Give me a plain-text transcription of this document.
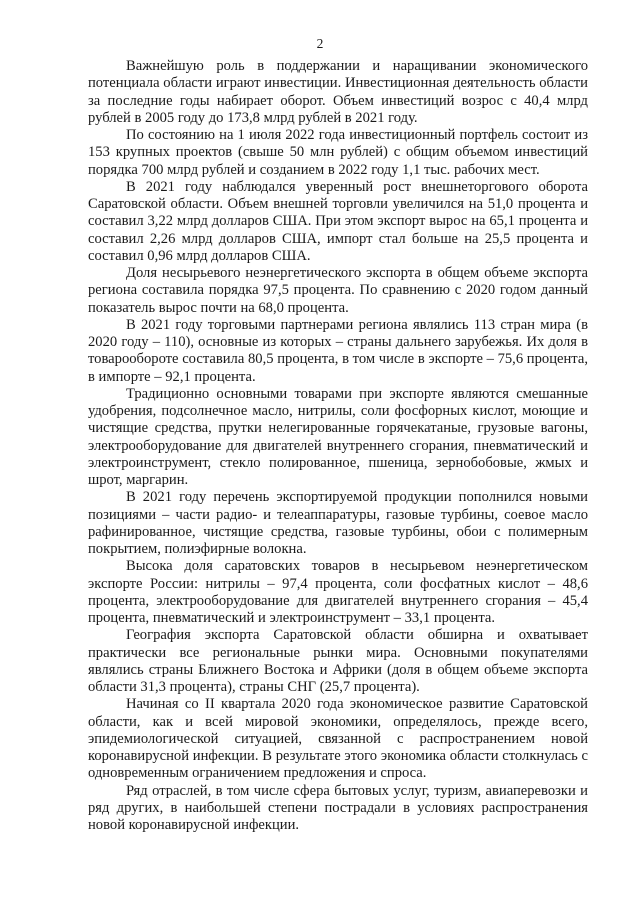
2

Важнейшую роль в поддержании и наращивании экономического потенциала области играют инвестиции. Инвестиционная деятельность области за последние годы набирает оборот. Объем инвестиций возрос с 40,4 млрд рублей в 2005 году до 173,8 млрд рублей в 2021 году.

По состоянию на 1 июля 2022 года инвестиционный портфель состоит из 153 крупных проектов (свыше 50 млн рублей) с общим объемом инвестиций порядка 700 млрд рублей и созданием в 2022 году 1,1 тыс. рабочих мест.

В 2021 году наблюдался уверенный рост внешнеторгового оборота Саратовской области. Объем внешней торговли увеличился на 51,0 процента и составил 3,22 млрд долларов США. При этом экспорт вырос на 65,1 процента и составил 2,26 млрд долларов США, импорт стал больше на 25,5 процента и составил 0,96 млрд долларов США.

Доля несырьевого неэнергетического экспорта в общем объеме экспорта региона составила порядка 97,5 процента. По сравнению с 2020 годом данный показатель вырос почти на 68,0 процента.

В 2021 году торговыми партнерами региона являлись 113 стран мира (в 2020 году – 110), основные из которых – страны дальнего зарубежья. Их доля в товарообороте составила 80,5 процента, в том числе в экспорте – 75,6 процента, в импорте – 92,1 процента.

Традиционно основными товарами при экспорте являются смешанные удобрения, подсолнечное масло, нитрилы, соли фосфорных кислот, моющие и чистящие средства, прутки нелегированные горячекатаные, грузовые вагоны, электрооборудование для двигателей внутреннего сгорания, пневматический и электроинструмент, стекло полированное, пшеница, зернобобовые, жмых и шрот, маргарин.

В 2021 году перечень экспортируемой продукции пополнился новыми позициями – части радио- и телеаппаратуры, газовые турбины, соевое масло рафинированное, чистящие средства, газовые турбины, обои с полимерным покрытием, полиэфирные волокна.

Высока доля саратовских товаров в несырьевом неэнергетическом экспорте России: нитрилы – 97,4 процента, соли фосфатных кислот – 48,6 процента, электрооборудование для двигателей внутреннего сгорания – 45,4 процента, пневматический и электроинструмент – 33,1 процента.

География экспорта Саратовской области обширна и охватывает практически все региональные рынки мира. Основными покупателями являлись страны Ближнего Востока и Африки (доля в общем объеме экспорта области 31,3 процента), страны СНГ (25,7 процента).

Начиная со II квартала 2020 года экономическое развитие Саратовской области, как и всей мировой экономики, определялось, прежде всего, эпидемиологической ситуацией, связанной с распространением новой коронавирусной инфекции. В результате этого экономика области столкнулась с одновременным ограничением предложения и спроса.

Ряд отраслей, в том числе сфера бытовых услуг, туризм, авиаперевозки и ряд других, в наибольшей степени пострадали в условиях распространения новой коронавирусной инфекции.
